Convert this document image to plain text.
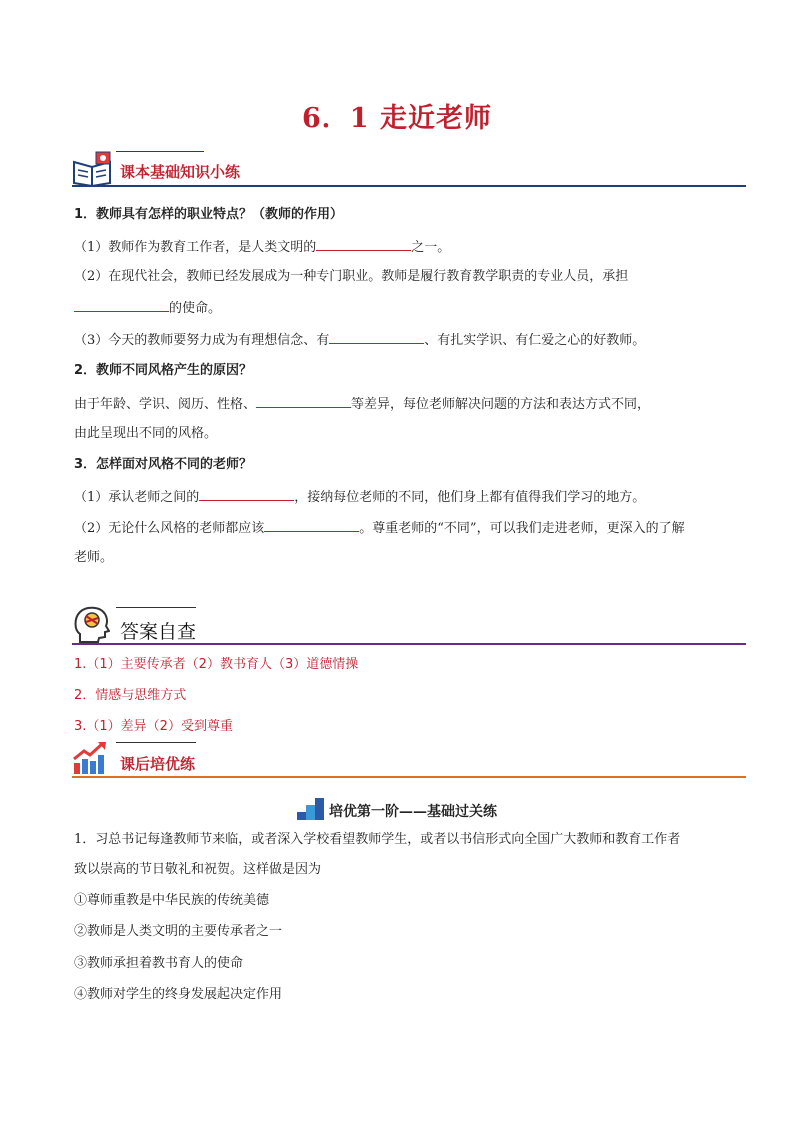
6．1 走近老师
课本基础知识小练
1．教师具有怎样的职业特点？（教师的作用）
（1）教师作为教育工作者，是人类文明的	之一。
（2）在现代社会，教师已经发展成为一种专门职业。教师是履行教育教学职责的专业人员，承担
的使命。
（3）今天的教师要努力成为有理想信念、有	、有扎实学识、有仁爱之心的好教师。
2．教师不同风格产生的原因？
由于年龄、学识、阅历、性格、	等差异，每位老师解决问题的方法和表达方式不同，
由此呈现出不同的风格。
3．怎样面对风格不同的老师？
（1）承认老师之间的	，接纳每位老师的不同，他们身上都有值得我们学习的地方。
（2）无论什么风格的老师都应该	。尊重老师的“不同”，可以我们走进老师，更深入的了解
老师。
答案自查
1.（1）主要传承者（2）教书育人（3）道德情操
2．情感与思维方式
3.（1）差异（2）受到尊重
课后培优练
培优第一阶——基础过关练
1．习总书记每逢教师节来临，或者深入学校看望教师学生，或者以书信形式向全国广大教师和教育工作者
致以崇高的节日敬礼和祝贺。这样做是因为
①尊师重教是中华民族的传统美德
②教师是人类文明的主要传承者之一
③教师承担着教书育人的使命
④教师对学生的终身发展起决定作用
